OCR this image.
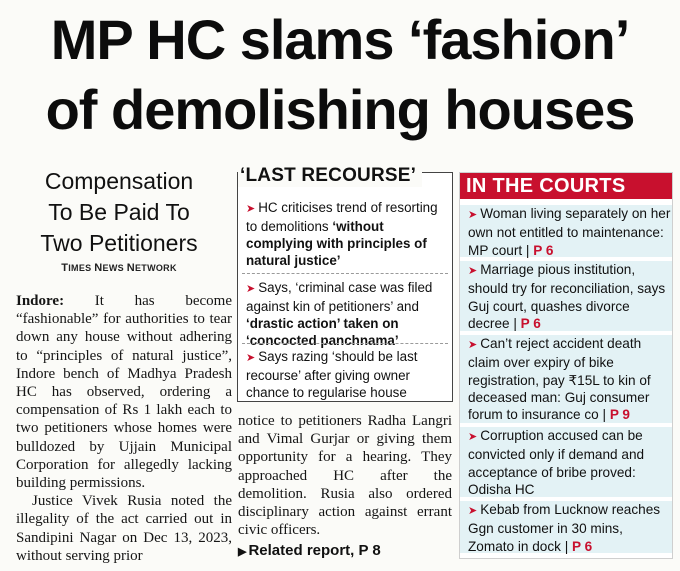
MP HC slams ‘fashion’
of demolishing houses
Compensation
To Be Paid To
Two Petitioners
TIMES NEWS NETWORK

Indore: It has become “fashionable” for authorities to tear down any house without adhering to “principles of natural justice”, Indore bench of Madhya Pradesh HC has observed, ordering a compensation of Rs 1 lakh each to two petitioners whose homes were bulldozed by Ujjain Municipal Corporation for allegedly lacking building permissions.

Justice Vivek Rusia noted the illegality of the act carried out in Sandipini Nagar on Dec 13, 2023, without serving prior

notice to petitioners Radha Langri and Vimal Gurjar or giving them opportunity for a hearing. They approached HC after the demolition. Rusia also ordered disciplinary action against errant civic officers.

▶ Related report, P 8
‘LAST RECOURSE’
➤ HC criticises trend of resorting to demolitions ‘without complying with principles of natural justice’
➤ Says, ‘criminal case was filed against kin of petitioners’ and ‘drastic action’ taken on ‘concocted panchnama’
➤ Says razing ‘should be last recourse’ after giving owner chance to regularise house
IN THE COURTS
➤ Woman living separately on her own not entitled to maintenance: MP court | P 6
➤ Marriage pious institution, should try for reconciliation, says Guj court, quashes divorce decree | P 6
➤ Can’t reject accident death claim over expiry of bike registration, pay ₹15L to kin of deceased man: Guj consumer forum to insurance co | P 9
➤ Corruption accused can be convicted only if demand and acceptance of bribe proved: Odisha HC
➤ Kebab from Lucknow reaches Ggn customer in 30 mins, Zomato in dock | P 6
